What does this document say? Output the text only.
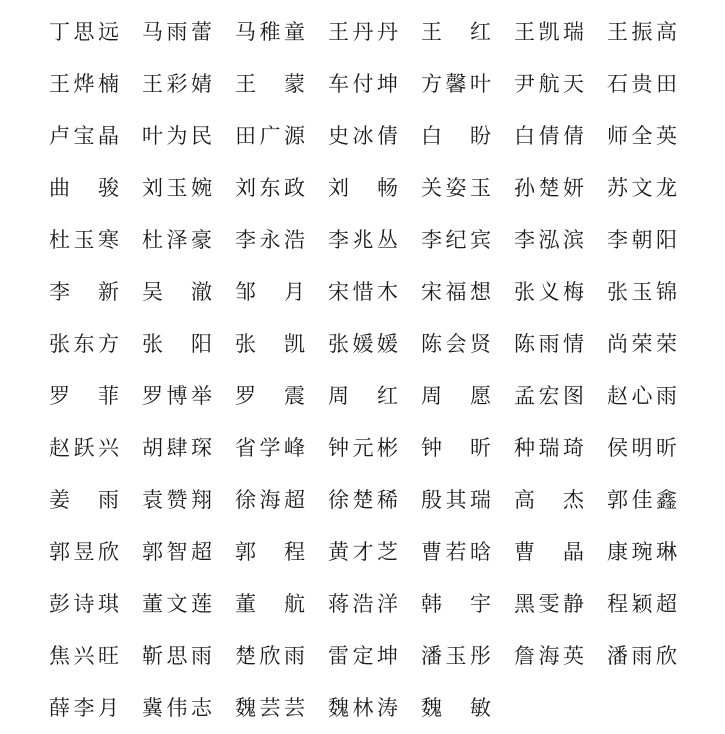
丁 思 远 马 雨 蕾 马 稚 童 王 丹 丹 王 红 王 凯 瑞 王 振 高
王 烨 楠 王 彩 婧 王 蒙 车 付 坤 方 馨 叶 尹 航 天 石 贵 田
卢 宝 晶 叶 为 民 田 广 源 史 冰 倩 白 盼 白 倩 倩 师 全 英
曲 骏 刘 玉 婉 刘 东 政 刘 畅 关 姿 玉 孙 楚 妍 苏 文 龙
杜 玉 寒 杜 泽 豪 李 永 浩 李 兆 丛 李 纪 宾 李 泓 滨 李 朝 阳
李 新 吴 澈 邹 月 宋 惜 木 宋 福 想 张 义 梅 张 玉 锦
张 东 方 张 阳 张 凯 张 媛 媛 陈 会 贤 陈 雨 情 尚 荣 荣
罗 菲 罗 博 举 罗 震 周 红 周 愿 孟 宏 图 赵 心 雨
赵 跃 兴 胡 肆 琛 省 学 峰 钟 元 彬 钟 昕 种 瑞 琦 侯 明 昕
姜 雨 袁 赞 翔 徐 海 超 徐 楚 稀 殷 其 瑞 高 杰 郭 佳 鑫
郭 昱 欣 郭 智 超 郭 程 黄 才 芝 曹 若 晗 曹 晶 康 琬 琳
彭 诗 琪 董 文 莲 董 航 蒋 浩 洋 韩 宇 黑 雯 静 程 颖 超
焦 兴 旺 靳 思 雨 楚 欣 雨 雷 定 坤 潘 玉 彤 詹 海 英 潘 雨 欣
薛 李 月 冀 伟 志 魏 芸 芸 魏 林 涛 魏 敏
